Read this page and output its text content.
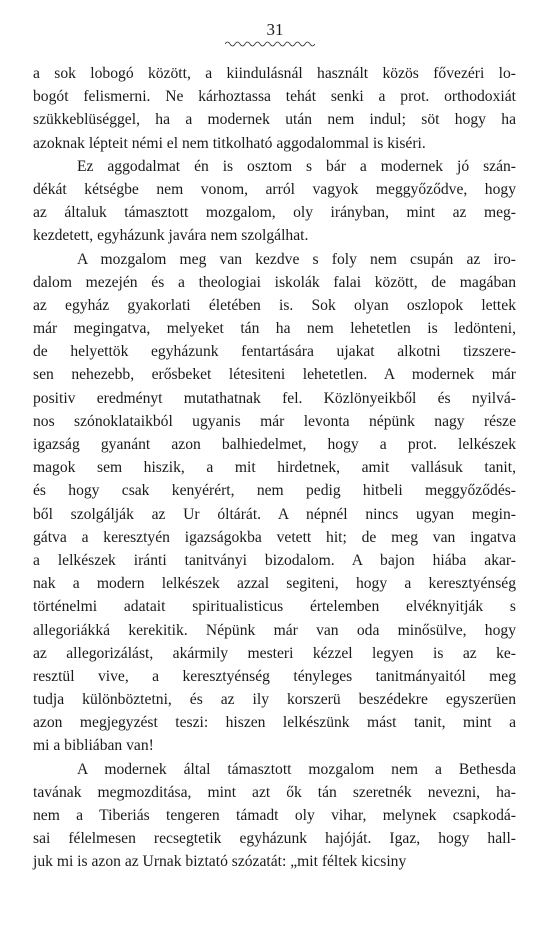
31
a sok lobogó között, a kiindulásnál használt közös fővezéri lo-
bogót felismerni. Ne kárhoztassa tehát senki a prot. orthodoxiát
szükkeblüséggel, ha a modernek után nem indul; söt hogy ha
azoknak lépteit némi el nem titkolható aggodalommal is kiséri.
Ez aggodalmat én is osztom s bár a modernek jó szán-
dékát kétségbe nem vonom, arról vagyok meggyőződve, hogy
az általuk támasztott mozgalom, oly irányban, mint az meg-
kezdetett, egyházunk javára nem szolgálhat.
A mozgalom meg van kezdve s foly nem csupán az iro-
dalom mezején és a theologiai iskolák falai között, de magában
az egyház gyakorlati életében is. Sok olyan oszlopok lettek
már megingatva, melyeket tán ha nem lehetetlen is ledönteni,
de helyettök egyházunk fentartására ujakat alkotni tizszere-
sen nehezebb, erősbeket létesiteni lehetetlen. A modernek már
positiv eredményt mutathatnak fel. Közlönyeikből és nyilvá-
nos szónoklataikból ugyanis már levonta népünk nagy része
igazság gyanánt azon balhiedelmet, hogy a prot. lelkészek
magok sem hiszik, a mit hirdetnek, amit vallásuk tanit,
és hogy csak kenyérért, nem pedig hitbeli meggyőződés-
ből szolgálják az Ur óltárát. A népnél nincs ugyan megin-
gátva a keresztyén igazságokba vetett hit; de meg van ingatva
a lelkészek iránti tanitványi bizodalom. A bajon hiába akar-
nak a modern lelkészek azzal segiteni, hogy a keresztyénség
történelmi adatait spiritualisticus értelemben elvéknyitják s
allegoriákká kerekitik. Népünk már van oda minősülve, hogy
az allegorizálást, akármily mesteri kézzel legyen is az ke-
resztül vive, a keresztyénség tényleges tanitmányaitól meg
tudja különböztetni, és az ily korszerü beszédekre egyszerüen
azon megjegyzést teszi: hiszen lelkészünk mást tanit, mint a
mi a bibliában van!
A modernek által támasztott mozgalom nem a Bethesda
tavának megmozditása, mint azt ők tán szeretnék nevezni, ha-
nem a Tiberiás tengeren támadt oly vihar, melynek csapkodá-
sai félelmesen recsegtetik egyházunk hajóját. Igaz, hogy hall-
juk mi is azon az Urnak biztató szózatát: „mit féltek kicsiny
